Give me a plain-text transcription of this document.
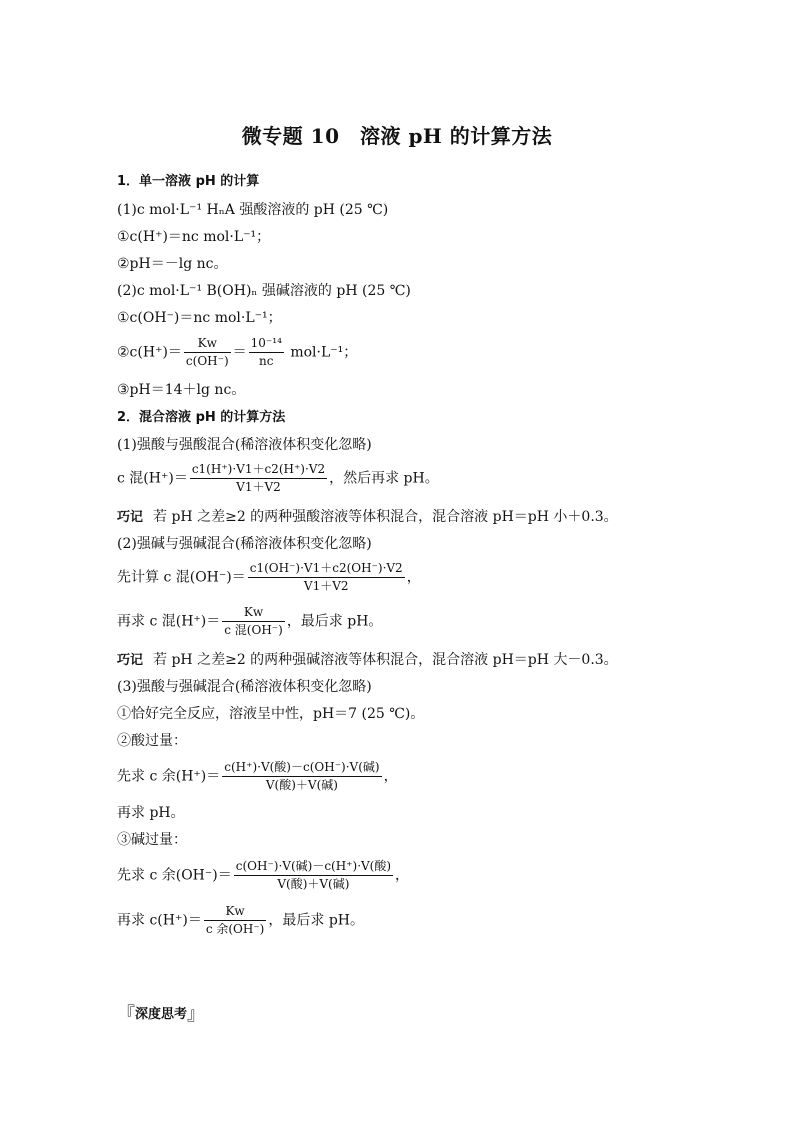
微专题 10　溶液 pH 的计算方法
1．单一溶液 pH 的计算
(1)c mol·L⁻¹ HₙA 强酸溶液的 pH (25 ℃)
①c(H⁺)＝nc mol·L⁻¹；
②pH＝－lg nc。
(2)c mol·L⁻¹ B(OH)ₙ 强碱溶液的 pH (25 ℃)
①c(OH⁻)＝nc mol·L⁻¹；
②c(H⁺)＝ $\frac{Kw}{c(OH^-)} = \frac{\text{10⁻¹⁴}}{nc} mol\cdot L^{-1}$；
③pH＝14＋lg nc。
2．混合溶液 pH 的计算方法
(1)强酸与强酸混合(稀溶液体积变化忽略)
c 混$(H^+)= \frac{c1(H^+)\cdot V1+c2(H^+)\cdot V2}{V1+V2}$ ，然后再求 pH。
巧记 若 pH 之差≥2 的两种强酸溶液等体积混合，混合溶液 pH＝pH 小＋0.3。
(2)强碱与强碱混合(稀溶液体积变化忽略)
先计算 c 混$(OH^-)= \frac{c1(OH^-)\cdot V1+c2(OH^-)\cdot V2}{V1+V2}$ ，
再求 c 混$(H^+)= \frac{Kw}{\text{c 混(OH⁻)}}$ ，最后求 pH。
巧记 若 pH 之差≥2 的两种强碱溶液等体积混合，混合溶液 pH＝pH 大－0.3。
(3)强酸与强碱混合(稀溶液体积变化忽略)
①恰好完全反应，溶液呈中性，pH＝7 (25 ℃)。
②酸过量：
先求 c 余$(H^+)= \frac{\text{c(H⁺)·V(酸)－c(OH⁻)·V(碱)}}{\text{V(酸)＋V(碱)}}$ ，
再求 pH。
③碱过量：
先求 c 余$(OH^-)= \frac{\text{c(OH⁻)·V(碱)－c(H⁺)·V(酸)}}{\text{V(酸)＋V(碱)}}$ ，
再求 $c(H^+)= \frac{Kw}{\text{c 余(OH⁻)}}$ ，最后求 pH。
『深度思考』
